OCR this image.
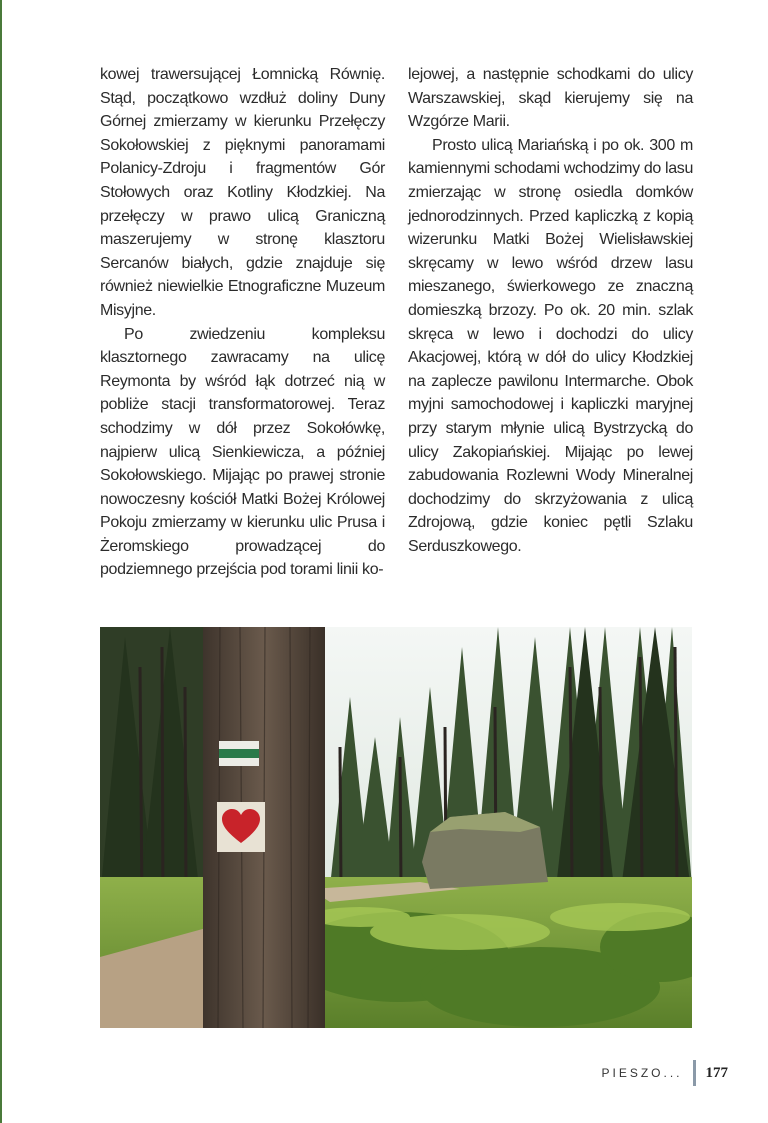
kowej trawersującej Łomnicką Równię. Stąd, początkowo wzdłuż doliny Duny Górnej zmierzamy w kierunku Przełęczy Sokołowskiej z pięknymi panoramami Polanicy-Zdroju i fragmentów Gór Stołowych oraz Kotliny Kłodzkiej. Na przełęczy w prawo ulicą Graniczną maszerujemy w stronę klasztoru Sercanów białych, gdzie znajduje się również niewielkie Etnograficzne Muzeum Misyjne.

Po zwiedzeniu kompleksu klasztornego zawracamy na ulicę Reymonta by wśród łąk dotrzeć nią w pobliże stacji transformatorowej. Teraz schodzimy w dół przez Sokołówkę, najpierw ulicą Sienkiewicza, a później Sokołowskiego. Mijając po prawej stronie nowoczesny kościół Matki Bożej Królowej Pokoju zmierzamy w kierunku ulic Prusa i Żeromskiego prowadzącej do podziemnego przejścia pod torami linii ko-

lejowej, a następnie schodkami do ulicy Warszawskiej, skąd kierujemy się na Wzgórze Marii.

Prosto ulicą Mariańską i po ok. 300 m kamiennymi schodami wchodzimy do lasu zmierzając w stronę osiedla domków jednorodzinnych. Przed kapliczką z kopią wizerunku Matki Bożej Wielisławskiej skręcamy w lewo wśród drzew lasu mieszanego, świerkowego ze znaczną domieszką brzozy. Po ok. 20 min. szlak skręca w lewo i dochodzi do ulicy Akacjowej, którą w dół do ulicy Kłodzkiej na zaplecze pawilonu Intermarche. Obok myjni samochodowej i kapliczki maryjnej przy starym młynie ulicą Bystrzycką do ulicy Zakopiańskiej. Mijając po lewej zabudowania Rozlewni Wody Mineralnej dochodzimy do skrzyżowania z ulicą Zdrojową, gdzie koniec pętli Szlaku Serduszkowego.

PIESZO... 177
